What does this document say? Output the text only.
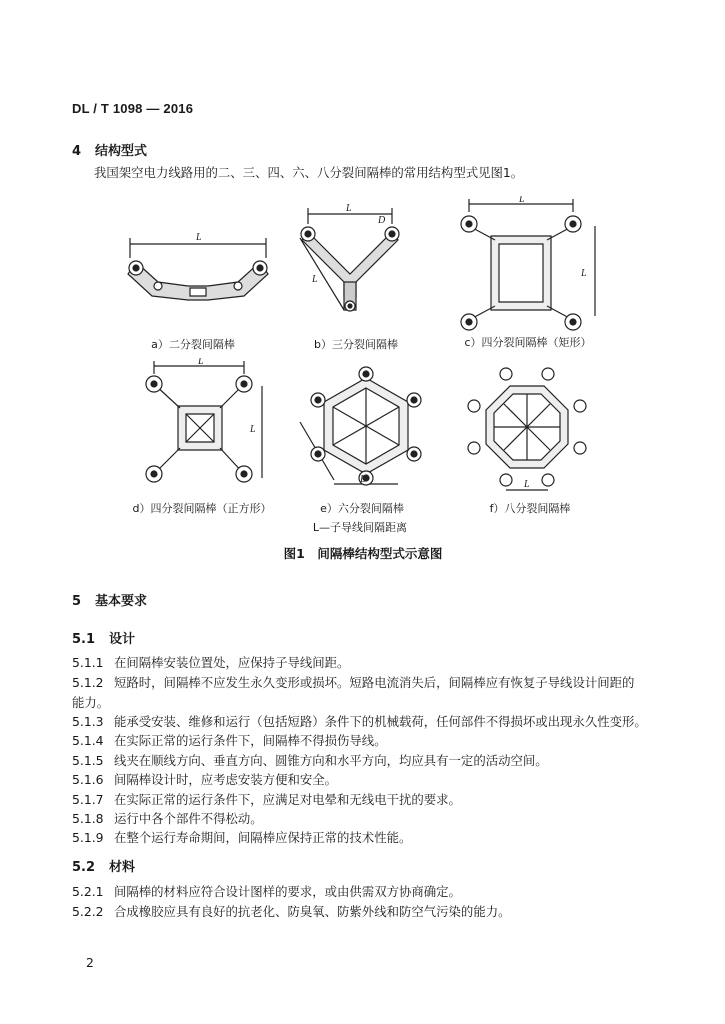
DL / T 1098 — 2016
4 结构型式
我国架空电力线路用的二、三、四、六、八分裂间隔棒的常用结构型式见图1。
L
L
D
L
L
L
a）二分裂间隔棒	b）三分裂间隔棒	c）四分裂间隔棒（矩形）
L
L
L	L
d）四分裂间隔棒（正方形）	e）六分裂间隔棒	f）八分裂间隔棒
L—子导线间隔距离
图1　间隔棒结构型式示意图
5 基本要求
5.1 设计
5.1.1 在间隔棒安装位置处，应保持子导线间距。
5.1.2 短路时，间隔棒不应发生永久变形或损坏。短路电流消失后，间隔棒应有恢复子导线设计间距的
能力。
5.1.3 能承受安装、维修和运行（包括短路）条件下的机械载荷，任何部件不得损坏或出现永久性变形。
5.1.4 在实际正常的运行条件下，间隔棒不得损伤导线。
5.1.5 线夹在顺线方向、垂直方向、圆锥方向和水平方向，均应具有一定的活动空间。
5.1.6 间隔棒设计时，应考虑安装方便和安全。
5.1.7 在实际正常的运行条件下，应满足对电晕和无线电干扰的要求。
5.1.8 运行中各个部件不得松动。
5.1.9 在整个运行寿命期间，间隔棒应保持正常的技术性能。
5.2 材料
5.2.1 间隔棒的材料应符合设计图样的要求，或由供需双方协商确定。
5.2.2 合成橡胶应具有良好的抗老化、防臭氧、防紫外线和防空气污染的能力。
2
